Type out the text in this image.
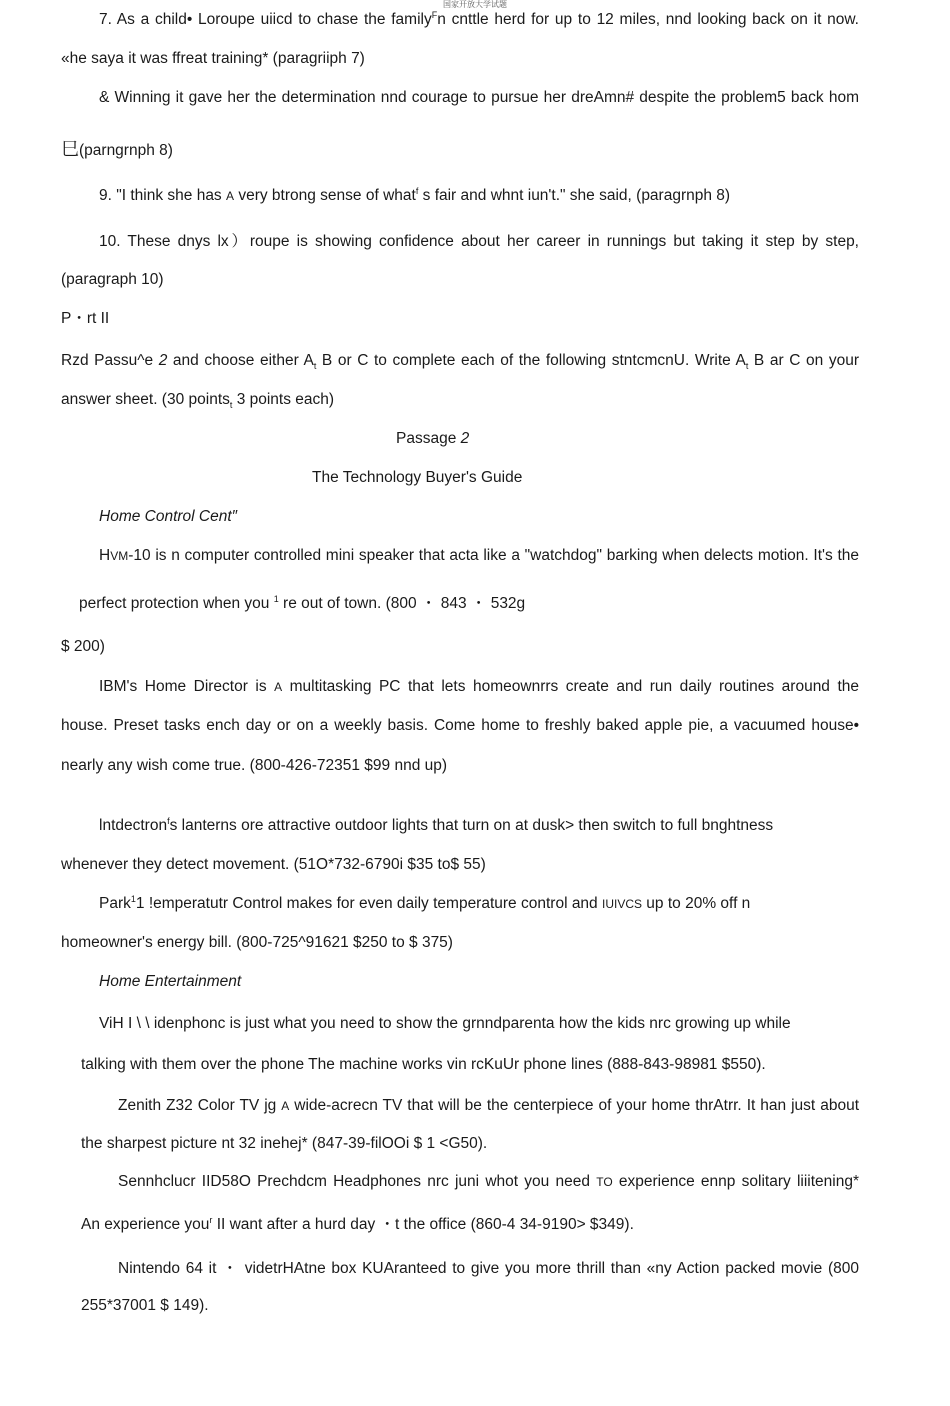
国家开放大学试题
7. As a child• Loroupe uiicd to chase the family$^F$n cnttle herd for up to 12 miles, nnd looking back on it now.
«he saya it was ffreat training* (paragriiph 7)
& Winning it gave her the determination nnd courage to pursue her dreAmn# despite the problem5 back hom
巳(parngrnph 8)
9. "I think she has A very btrong sense of what$^f$ s fair and whnt iun't." she said, (paragrnph 8)
10. These dnys lx）roupe is showing confidence about her career in runnings but taking it step by step,
(paragraph 10)
P・rt II
Rzd Passu^e 2 and choose either $A_t$ B or C to complete each of the following stntcmcnU. Write $A_t$ B ar C on your
answer sheet. (30 points$_t$ 3 points each)
Passage 2
The Technology Buyer's Guide
Home Control Cent″
HVM-10 is n computer controlled mini speaker that acta like a "watchdog" barking when delects motion. It's the
perfect protection when you $^1$ re out of town. (800 ・ 843 ・ 532g
$ 200)
IBM's Home Director is A multitasking PC that lets homeownrrs create and run daily routines around the
house. Preset tasks ench day or on a weekly basis. Come home to freshly baked apple pie, a vacuumed house•
nearly any wish come true. (800-426-72351 $99 nnd up)
lntdectron$^f$s lanterns ore attractive outdoor lights that turn on at dusk> then switch to full bnghtness
whenever they detect movement. (51O*732-6790i $35 to$ 55)
Park$^1$1 !emperatutr Control makes for even daily temperature control and IUIVCS up to 20% off n
homeowner's energy bill. (800-725^91621 $250 to $ 375)
Home Entertainment
ViH I \ \ idenphonc is just what you need to show the grnndparenta how the kids nrc growing up while
talking with them over the phone The machine works vin rcKuUr phone lines (888-843-98981 $550).
Zenith Z32 Color TV jg A wide-acrecn TV that will be the centerpiece of your home thrAtrr. It han just about
the sharpest picture nt 32 inehej* (847-39-filOOi $ 1 <G50).
Sennhclucr IID58O Prechdcm Headphones nrc juni whot you need TO experience ennp solitary liiitening*
An experience you$^r$ II want after a hurd day ・t the office (860-4 34-9190> $349).
Nintendo 64 it ・ videtrHAtne box KUAranteed to give you more thrill than «ny Action packed movie (800
255*37001 $ 149).
